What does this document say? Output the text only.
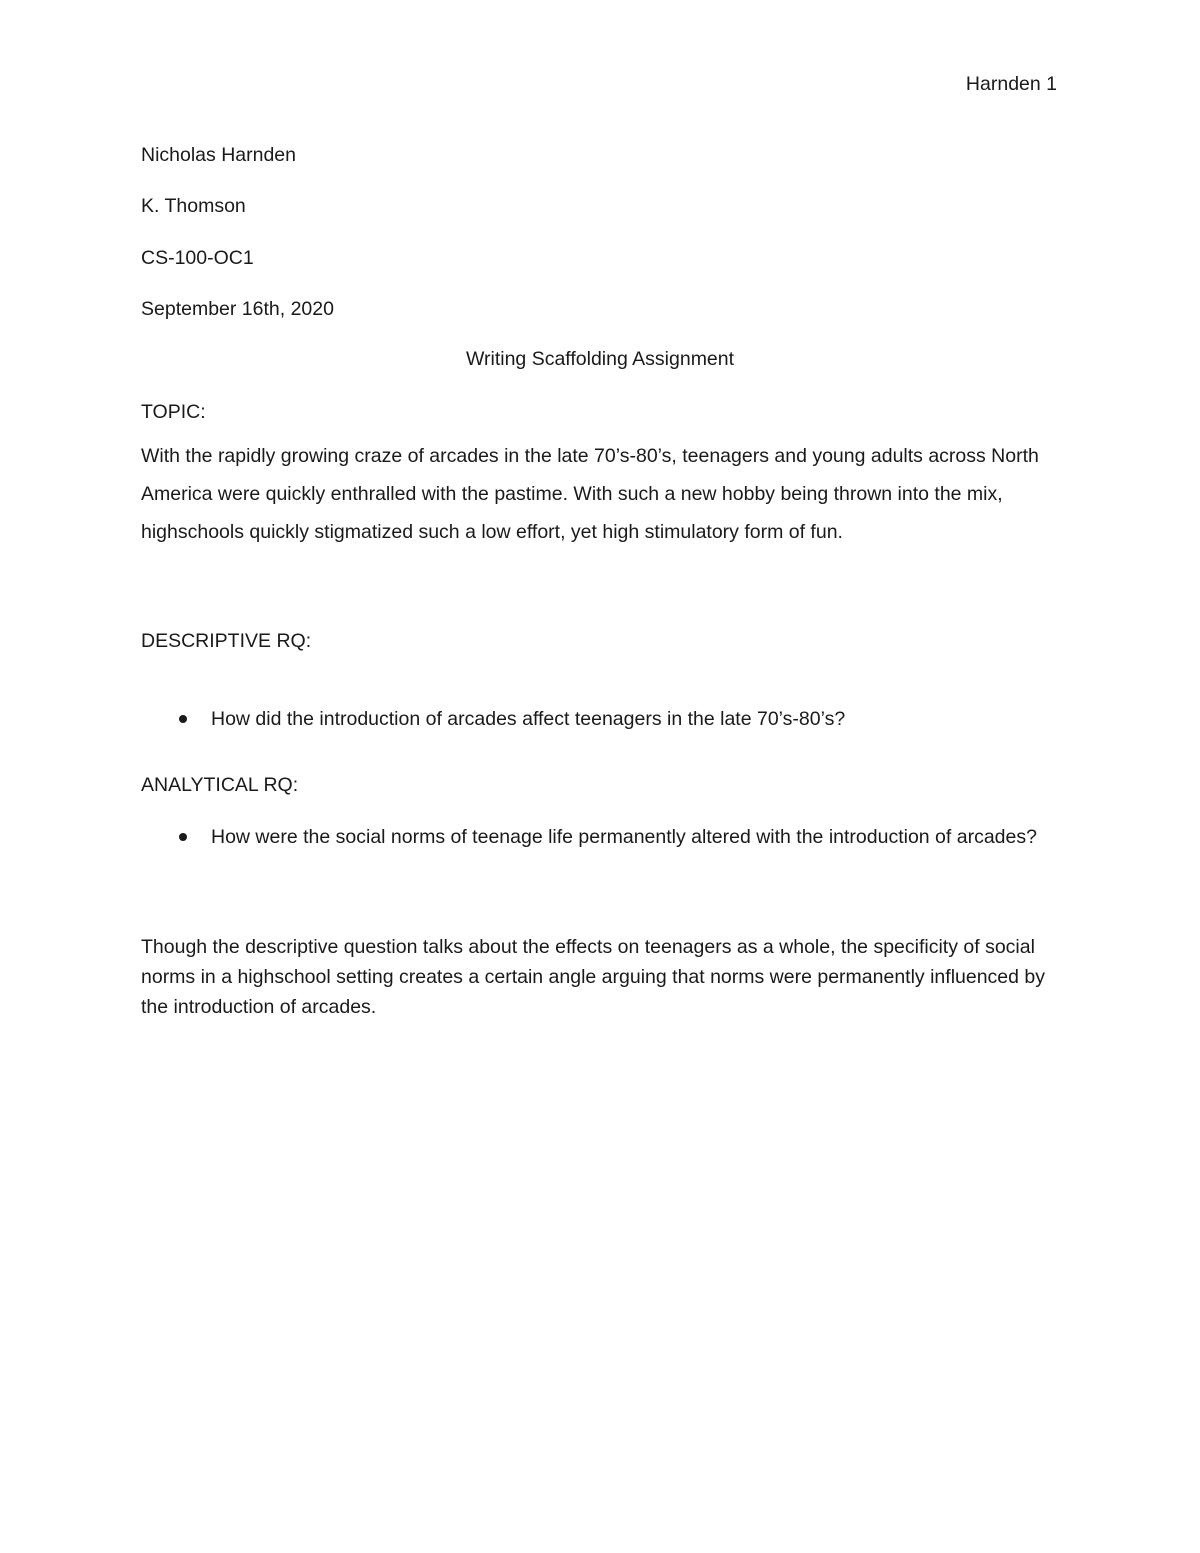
Harnden 1
Nicholas Harnden
K. Thomson
CS-100-OC1
September 16th, 2020
Writing Scaffolding Assignment
TOPIC:
With the rapidly growing craze of arcades in the late 70’s-80’s, teenagers and young adults across North America were quickly enthralled with the pastime. With such a new hobby being thrown into the mix, highschools quickly stigmatized such a low effort, yet high stimulatory form of fun.
DESCRIPTIVE RQ:
How did the introduction of arcades affect teenagers in the late 70’s-80’s?
ANALYTICAL RQ:
How were the social norms of teenage life permanently altered with the introduction of arcades?
Though the descriptive question talks about the effects on teenagers as a whole, the specificity of social norms in a highschool setting creates a certain angle arguing that norms were permanently influenced by the introduction of arcades.
